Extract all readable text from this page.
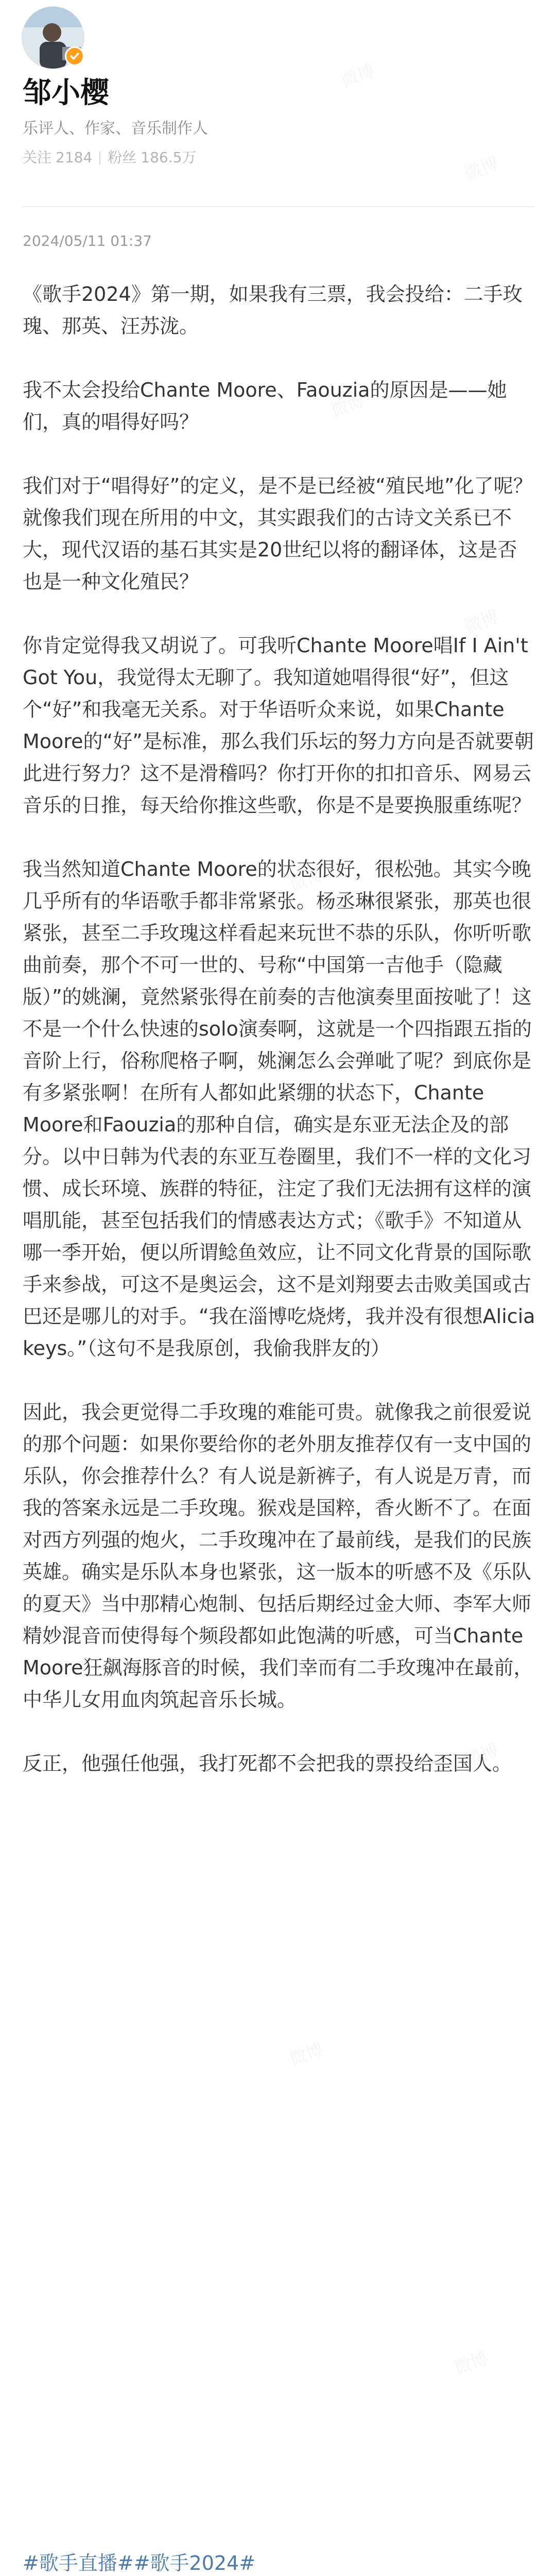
邹小樱
乐评人、作家、音乐制作人
关注 2184 粉丝 186.5万
2024/05/11 01:37

《歌手2024》第一期，如果我有三票，我会投给：二手玫瑰、那英、汪苏泷。

我不太会投给Chante Moore、Faouzia的原因是——她们，真的唱得好吗？

我们对于“唱得好”的定义，是不是已经被“殖民地”化了呢？就像我们现在所用的中文，其实跟我们的古诗文关系已不大，现代汉语的基石其实是20世纪以将的翻译体，这是否也是一种文化殖民？

你肯定觉得我又胡说了。可我听Chante Moore唱If I Ain't Got You，我觉得太无聊了。我知道她唱得很“好”，但这个“好”和我毫无关系。对于华语听众来说，如果Chante Moore的“好”是标准，那么我们乐坛的努力方向是否就要朝此进行努力？这不是滑稽吗？你打开你的扣扣音乐、网易云音乐的日推，每天给你推这些歌，你是不是要换服重练呢？

我当然知道Chante Moore的状态很好，很松弛。其实今晚几乎所有的华语歌手都非常紧张。杨丞琳很紧张，那英也很紧张，甚至二手玫瑰这样看起来玩世不恭的乐队，你听听歌曲前奏，那个不可一世的、号称“中国第一吉他手（隐藏版）”的姚澜，竟然紧张得在前奏的吉他演奏里面按呲了！这不是一个什么快速的solo演奏啊，这就是一个四指跟五指的音阶上行，俗称爬格子啊，姚澜怎么会弹呲了呢？到底你是有多紧张啊！在所有人都如此紧绷的状态下，Chante Moore和Faouzia的那种自信，确实是东亚无法企及的部分。以中日韩为代表的东亚互卷圈里，我们不一样的文化习惯、成长环境、族群的特征，注定了我们无法拥有这样的演唱肌能，甚至包括我们的情感表达方式；《歌手》不知道从哪一季开始，便以所谓鲶鱼效应，让不同文化背景的国际歌手来参战，可这不是奥运会，这不是刘翔要去击败美国或古巴还是哪儿的对手。“我在淄博吃烧烤，我并没有很想Alicia keys。”（这句不是我原创，我偷我胖友的）

因此，我会更觉得二手玫瑰的难能可贵。就像我之前很爱说的那个问题：如果你要给你的老外朋友推荐仅有一支中国的乐队，你会推荐什么？有人说是新裤子，有人说是万青，而我的答案永远是二手玫瑰。猴戏是国粹，香火断不了。在面对西方列强的炮火，二手玫瑰冲在了最前线，是我们的民族英雄。确实是乐队本身也紧张，这一版本的听感不及《乐队的夏天》当中那精心炮制、包括后期经过金大师、李军大师精妙混音而使得每个频段都如此饱满的听感，可当Chante Moore狂飙海豚音的时候，我们幸而有二手玫瑰冲在最前，中华儿女用血肉筑起音乐长城。

反正，他强任他强，我打死都不会把我的票投给歪国人。

#歌手直播##歌手2024#
